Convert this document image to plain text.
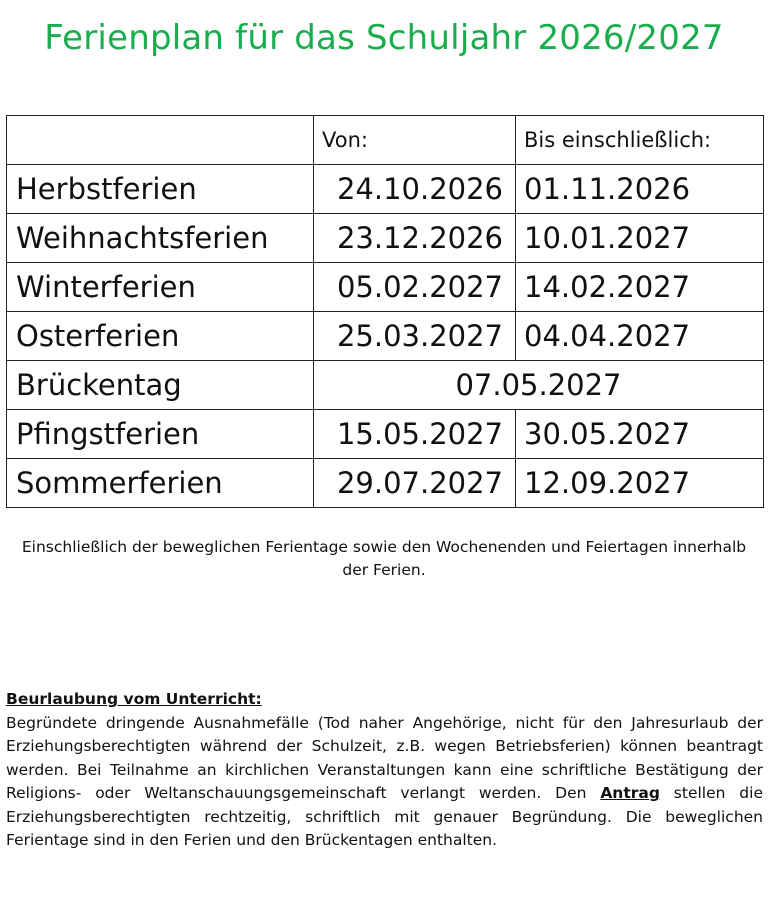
Ferienplan für das Schuljahr 2026/2027
	Von:	Bis einschließlich:
Herbstferien	24.10.2026	01.11.2026
Weihnachtsferien	23.12.2026	10.01.2027
Winterferien	05.02.2027	14.02.2027
Osterferien	25.03.2027	04.04.2027
Brückentag	07.05.2027	
Pfingstferien	15.05.2027	30.05.2027
Sommerferien	29.07.2027	12.09.2027
Einschließlich der beweglichen Ferientage sowie den Wochenenden und Feiertagen innerhalb der Ferien.
Beurlaubung vom Unterricht:
Begründete dringende Ausnahmefälle (Tod naher Angehörige, nicht für den Jahresurlaub der Erziehungsberechtigten während der Schulzeit, z.B. wegen Betriebsferien) können beantragt werden. Bei Teilnahme an kirchlichen Veranstaltungen kann eine schriftliche Bestätigung der Religions- oder Weltanschauungsgemeinschaft verlangt werden. Den Antrag stellen die Erziehungsberechtigten rechtzeitig, schriftlich mit genauer Begründung. Die beweglichen Ferientage sind in den Ferien und den Brückentagen enthalten.
